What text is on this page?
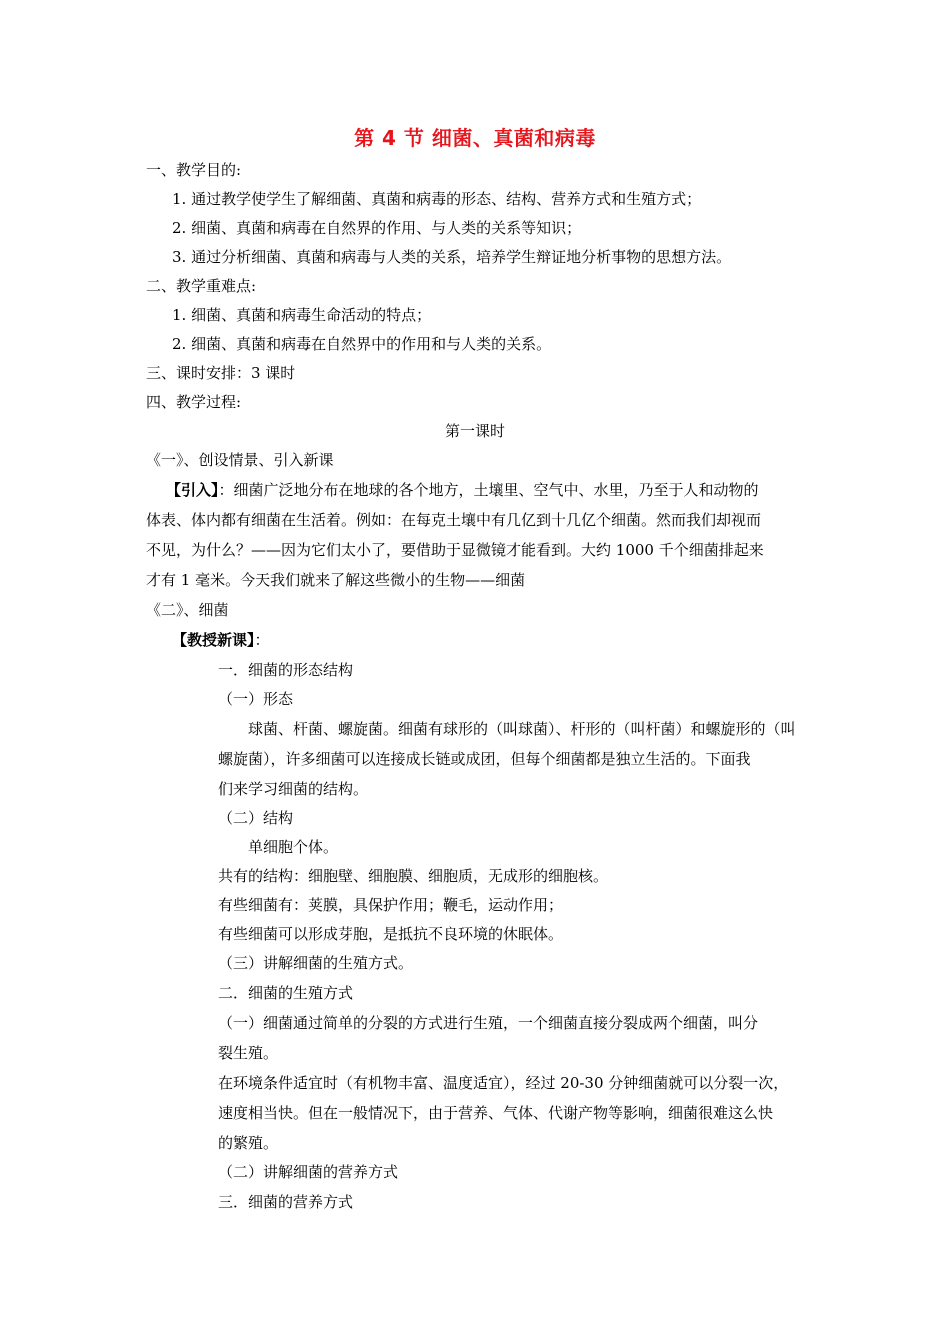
第 4 节 细菌、真菌和病毒
一、教学目的:
1. 通过教学使学生了解细菌、真菌和病毒的形态、结构、营养方式和生殖方式；
2. 细菌、真菌和病毒在自然界的作用、与人类的关系等知识；
3. 通过分析细菌、真菌和病毒与人类的关系，培养学生辩证地分析事物的思想方法。
二、教学重难点:
1. 细菌、真菌和病毒生命活动的特点；
2. 细菌、真菌和病毒在自然界中的作用和与人类的关系。
三、课时安排：3 课时
四、教学过程:
第一课时
《一》、创设情景、引入新课
【引入】：细菌广泛地分布在地球的各个地方，土壤里、空气中、水里，乃至于人和动物的
体表、体内都有细菌在生活着。例如：在每克土壤中有几亿到十几亿个细菌。然而我们却视而
不见，为什么？——因为它们太小了，要借助于显微镜才能看到。大约 1000 千个细菌排起来
才有 1 毫米。今天我们就来了解这些微小的生物——细菌
《二》、细菌
【教授新课】：
一．细菌的形态结构
（一）形态
球菌、杆菌、螺旋菌。细菌有球形的（叫球菌）、杆形的（叫杆菌）和螺旋形的（叫
螺旋菌），许多细菌可以连接成长链或成团，但每个细菌都是独立生活的。下面我
们来学习细菌的结构。
（二）结构
单细胞个体。
共有的结构：细胞壁、细胞膜、细胞质，无成形的细胞核。
有些细菌有：荚膜，具保护作用；鞭毛，运动作用；
有些细菌可以形成芽胞，是抵抗不良环境的休眠体。
（三）讲解细菌的生殖方式。
二．细菌的生殖方式
（一）细菌通过简单的分裂的方式进行生殖，一个细菌直接分裂成两个细菌，叫分
裂生殖。
在环境条件适宜时（有机物丰富、温度适宜），经过 20-30 分钟细菌就可以分裂一次，
速度相当快。但在一般情况下，由于营养、气体、代谢产物等影响，细菌很难这么快
的繁殖。
（二）讲解细菌的营养方式
三．细菌的营养方式
